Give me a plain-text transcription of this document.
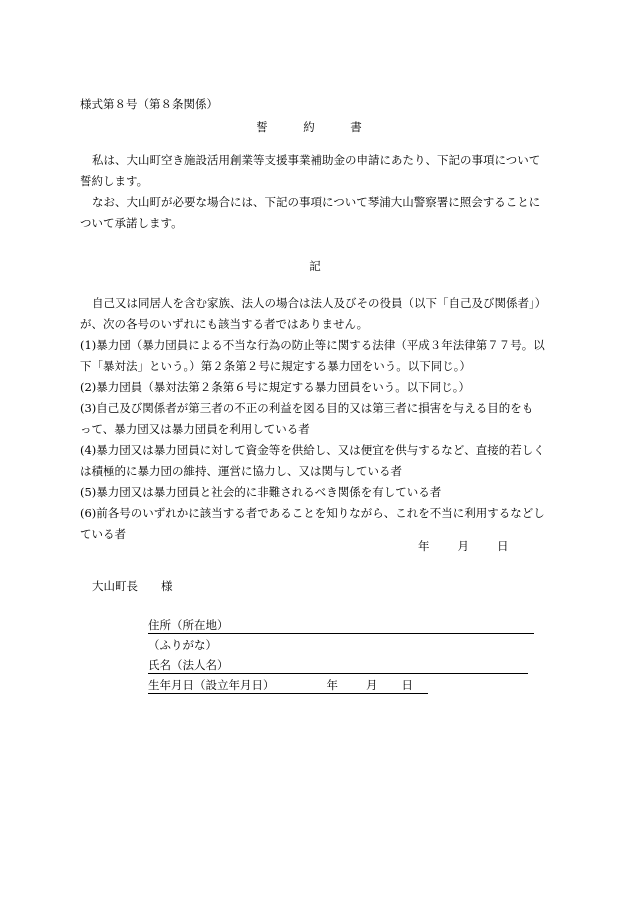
様式第８号（第８条関係）
誓　約　書
私は、大山町空き施設活用創業等支援事業補助金の申請にあたり、下記の事項について
誓約します。
なお、大山町が必要な場合には、下記の事項について琴浦大山警察署に照会することに
ついて承諾します。
記
自己又は同居人を含む家族、法人の場合は法人及びその役員（以下「自己及び関係者」）
が、次の各号のいずれにも該当する者ではありません。
(1)暴力団（暴力団員による不当な行為の防止等に関する法律（平成３年法律第７７号。以
下「暴対法」という。）第２条第２号に規定する暴力団をいう。以下同じ。）
(2)暴力団員（暴対法第２条第６号に規定する暴力団員をいう。以下同じ。）
(3)自己及び関係者が第三者の不正の利益を図る目的又は第三者に損害を与える目的をも
って、暴力団又は暴力団員を利用している者
(4)暴力団又は暴力団員に対して資金等を供給し、又は便宜を供与するなど、直接的若しく
は積極的に暴力団の維持、運営に協力し、又は関与している者
(5)暴力団又は暴力団員と社会的に非難されるべき関係を有している者
(6)前各号のいずれかに該当する者であることを知りながら、これを不当に利用するなどし
ている者
年 月 日
大山町長　　様
住所（所在地）
（ふりがな）
氏名（法人名）
生年月日（設立年月日）	年 月 日
